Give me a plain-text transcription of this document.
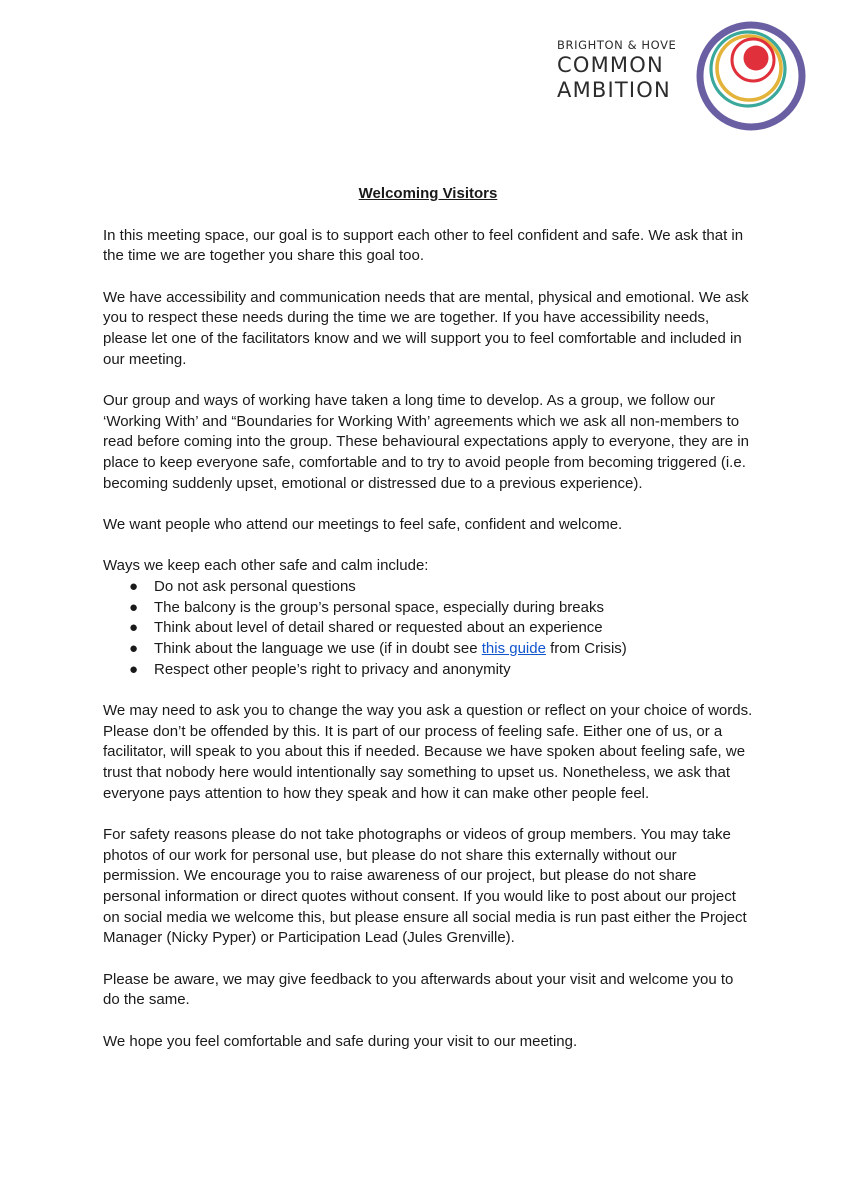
BRIGHTON & HOVE
COMMON
AMBITION
Welcoming Visitors

In this meeting space, our goal is to support each other to feel confident and safe. We ask that in the time we are together you share this goal too.

We have accessibility and communication needs that are mental, physical and emotional. We ask you to respect these needs during the time we are together. If you have accessibility needs, please let one of the facilitators know and we will support you to feel comfortable and included in our meeting.

Our group and ways of working have taken a long time to develop. As a group, we follow our ‘Working With’ and “Boundaries for Working With’ agreements which we ask all non-members to read before coming into the group. These behavioural expectations apply to everyone, they are in place to keep everyone safe, comfortable and to try to avoid people from becoming triggered (i.e. becoming suddenly upset, emotional or distressed due to a previous experience).

We want people who attend our meetings to feel safe, confident and welcome.

Ways we keep each other safe and calm include:

● Do not ask personal questions
● The balcony is the group’s personal space, especially during breaks
● Think about level of detail shared or requested about an experience
● Think about the language we use (if in doubt see this guide from Crisis)
● Respect other people’s right to privacy and anonymity

We may need to ask you to change the way you ask a question or reflect on your choice of words. Please don’t be offended by this. It is part of our process of feeling safe. Either one of us, or a facilitator, will speak to you about this if needed. Because we have spoken about feeling safe, we trust that nobody here would intentionally say something to upset us. Nonetheless, we ask that everyone pays attention to how they speak and how it can make other people feel.

For safety reasons please do not take photographs or videos of group members. You may take photos of our work for personal use, but please do not share this externally without our permission. We encourage you to raise awareness of our project, but please do not share personal information or direct quotes without consent. If you would like to post about our project on social media we welcome this, but please ensure all social media is run past either the Project Manager (Nicky Pyper) or Participation Lead (Jules Grenville).

Please be aware, we may give feedback to you afterwards about your visit and welcome you to do the same.

We hope you feel comfortable and safe during your visit to our meeting.
